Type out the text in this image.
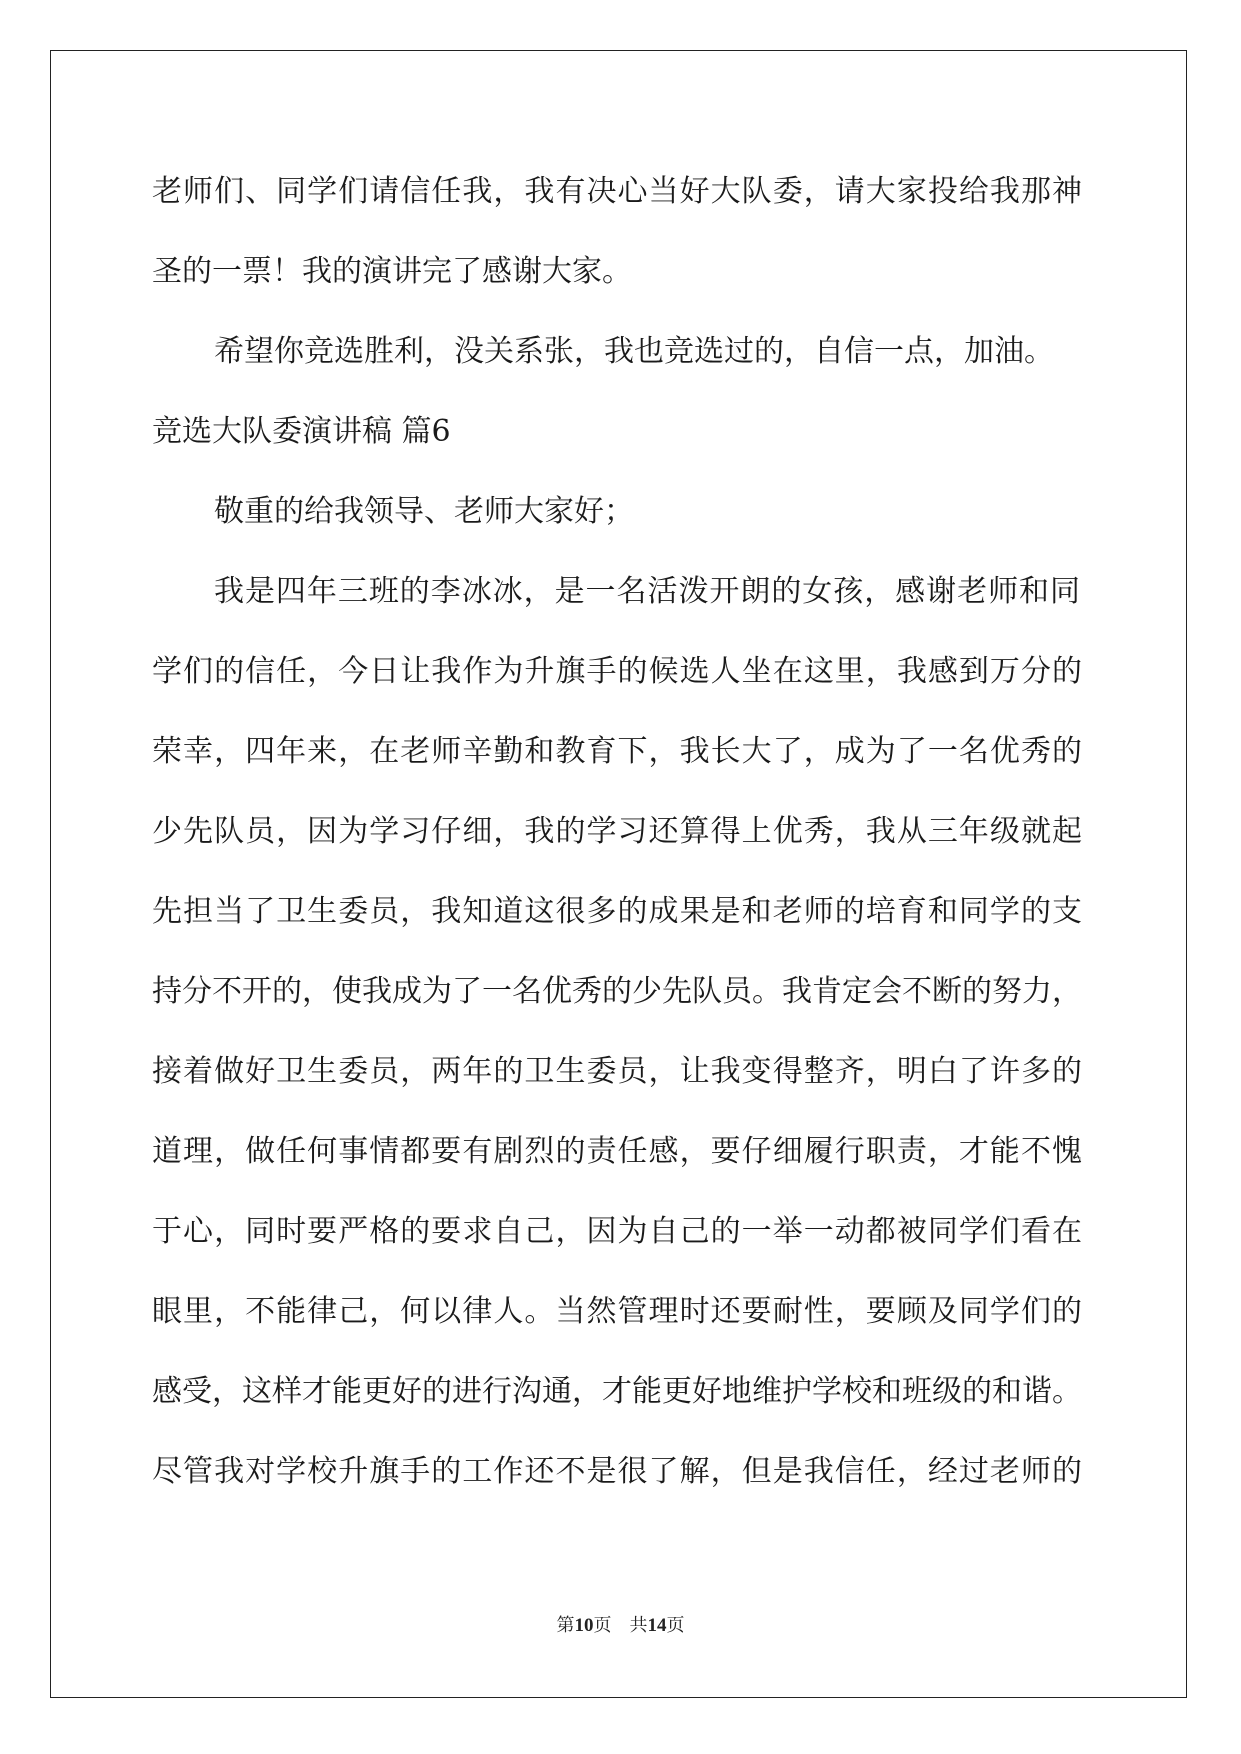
老师们、同学们请信任我，我有决心当好大队委，请大家投给我那神
圣的一票！我的演讲完了感谢大家。
希望你竞选胜利，没关系张，我也竞选过的，自信一点，加油。
竞选大队委演讲稿 篇6
敬重的给我领导、老师大家好；
我是四年三班的李冰冰，是一名活泼开朗的女孩，感谢老师和同
学们的信任，今日让我作为升旗手的候选人坐在这里，我感到万分的
荣幸，四年来，在老师辛勤和教育下，我长大了，成为了一名优秀的
少先队员，因为学习仔细，我的学习还算得上优秀，我从三年级就起
先担当了卫生委员，我知道这很多的成果是和老师的培育和同学的支
持分不开的，使我成为了一名优秀的少先队员。我肯定会不断的努力，
接着做好卫生委员，两年的卫生委员，让我变得整齐，明白了许多的
道理，做任何事情都要有剧烈的责任感，要仔细履行职责，才能不愧
于心，同时要严格的要求自己，因为自己的一举一动都被同学们看在
眼里，不能律己，何以律人。当然管理时还要耐性，要顾及同学们的
感受，这样才能更好的进行沟通，才能更好地维护学校和班级的和谐。
尽管我对学校升旗手的工作还不是很了解，但是我信任，经过老师的
第10页　共14页
